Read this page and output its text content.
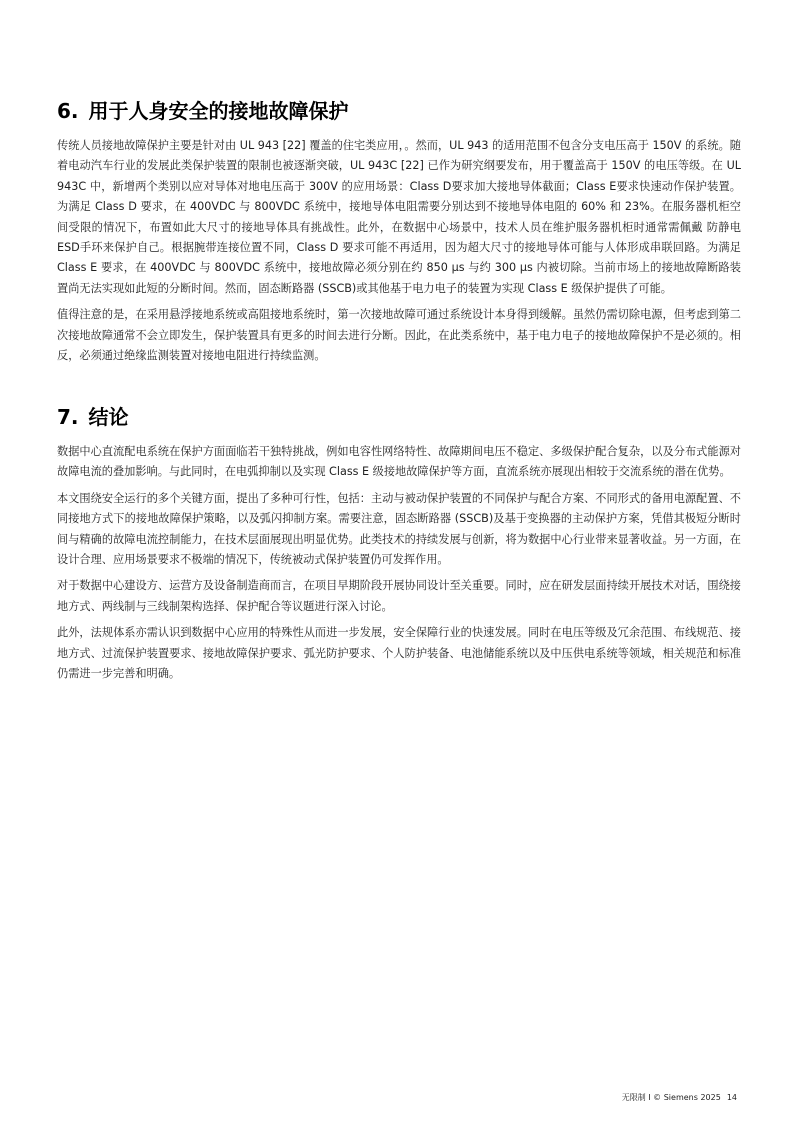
6. 用于人身安全的接地故障保护

传统人员接地故障保护主要是针对由 UL 943 [22] 覆盖的住宅类应用，。然而，UL 943 的适用范围不包含分支电压高于 150V 的系统。随着电动汽车行业的发展此类保护装置的限制也被逐渐突破，UL 943C [22] 已作为研究纲要发布，用于覆盖高于 150V 的电压等级。在 UL 943C 中，新增两个类别以应对导体对地电压高于 300V 的应用场景：Class D要求加大接地导体截面；Class E要求快速动作保护装置。为满足 Class D 要求，在 400VDC 与 800VDC 系统中，接地导体电阻需要分别达到不接地导体电阻的 60% 和 23%。在服务器机柜空间受限的情况下，布置如此大尺寸的接地导体具有挑战性。此外，在数据中心场景中，技术人员在维护服务器机柜时通常需佩戴 防静电ESD手环来保护自己。根据腕带连接位置不同，Class D 要求可能不再适用，因为超大尺寸的接地导体可能与人体形成串联回路。为满足 Class E 要求，在 400VDC 与 800VDC 系统中，接地故障必须分别在约 850 μs 与约 300 μs 内被切除。当前市场上的接地故障断路装置尚无法实现如此短的分断时间。然而，固态断路器 (SSCB)或其他基于电力电子的装置为实现 Class E 级保护提供了可能。

值得注意的是，在采用悬浮接地系统或高阻接地系统时，第一次接地故障可通过系统设计本身得到缓解。虽然仍需切除电源，但考虑到第二次接地故障通常不会立即发生，保护装置具有更多的时间去进行分断。因此，在此类系统中，基于电力电子的接地故障保护不是必须的。相反，必须通过绝缘监测装置对接地电阻进行持续监测。

7. 结论

数据中心直流配电系统在保护方面面临若干独特挑战，例如电容性网络特性、故障期间电压不稳定、多级保护配合复杂，以及分布式能源对故障电流的叠加影响。与此同时，在电弧抑制以及实现 Class E 级接地故障保护等方面，直流系统亦展现出相较于交流系统的潜在优势。

本文围绕安全运行的多个关键方面，提出了多种可行性，包括：主动与被动保护装置的不同保护与配合方案、不同形式的备用电源配置、不同接地方式下的接地故障保护策略，以及弧闪抑制方案。需要注意，固态断路器 (SSCB)及基于变换器的主动保护方案，凭借其极短分断时间与精确的故障电流控制能力，在技术层面展现出明显优势。此类技术的持续发展与创新，将为数据中心行业带来显著收益。另一方面，在设计合理、应用场景要求不极端的情况下，传统被动式保护装置仍可发挥作用。

对于数据中心建设方、运营方及设备制造商而言，在项目早期阶段开展协同设计至关重要。同时，应在研发层面持续开展技术对话，围绕接地方式、两线制与三线制架构选择、保护配合等议题进行深入讨论。

此外，法规体系亦需认识到数据中心应用的特殊性从而进一步发展，安全保障行业的快速发展。同时在电压等级及冗余范围、布线规范、接地方式、过流保护装置要求、接地故障保护要求、弧光防护要求、个人防护装备、电池储能系统以及中压供电系统等领域，相关规范和标准仍需进一步完善和明确。

无限制 I © Siemens 2025 14
